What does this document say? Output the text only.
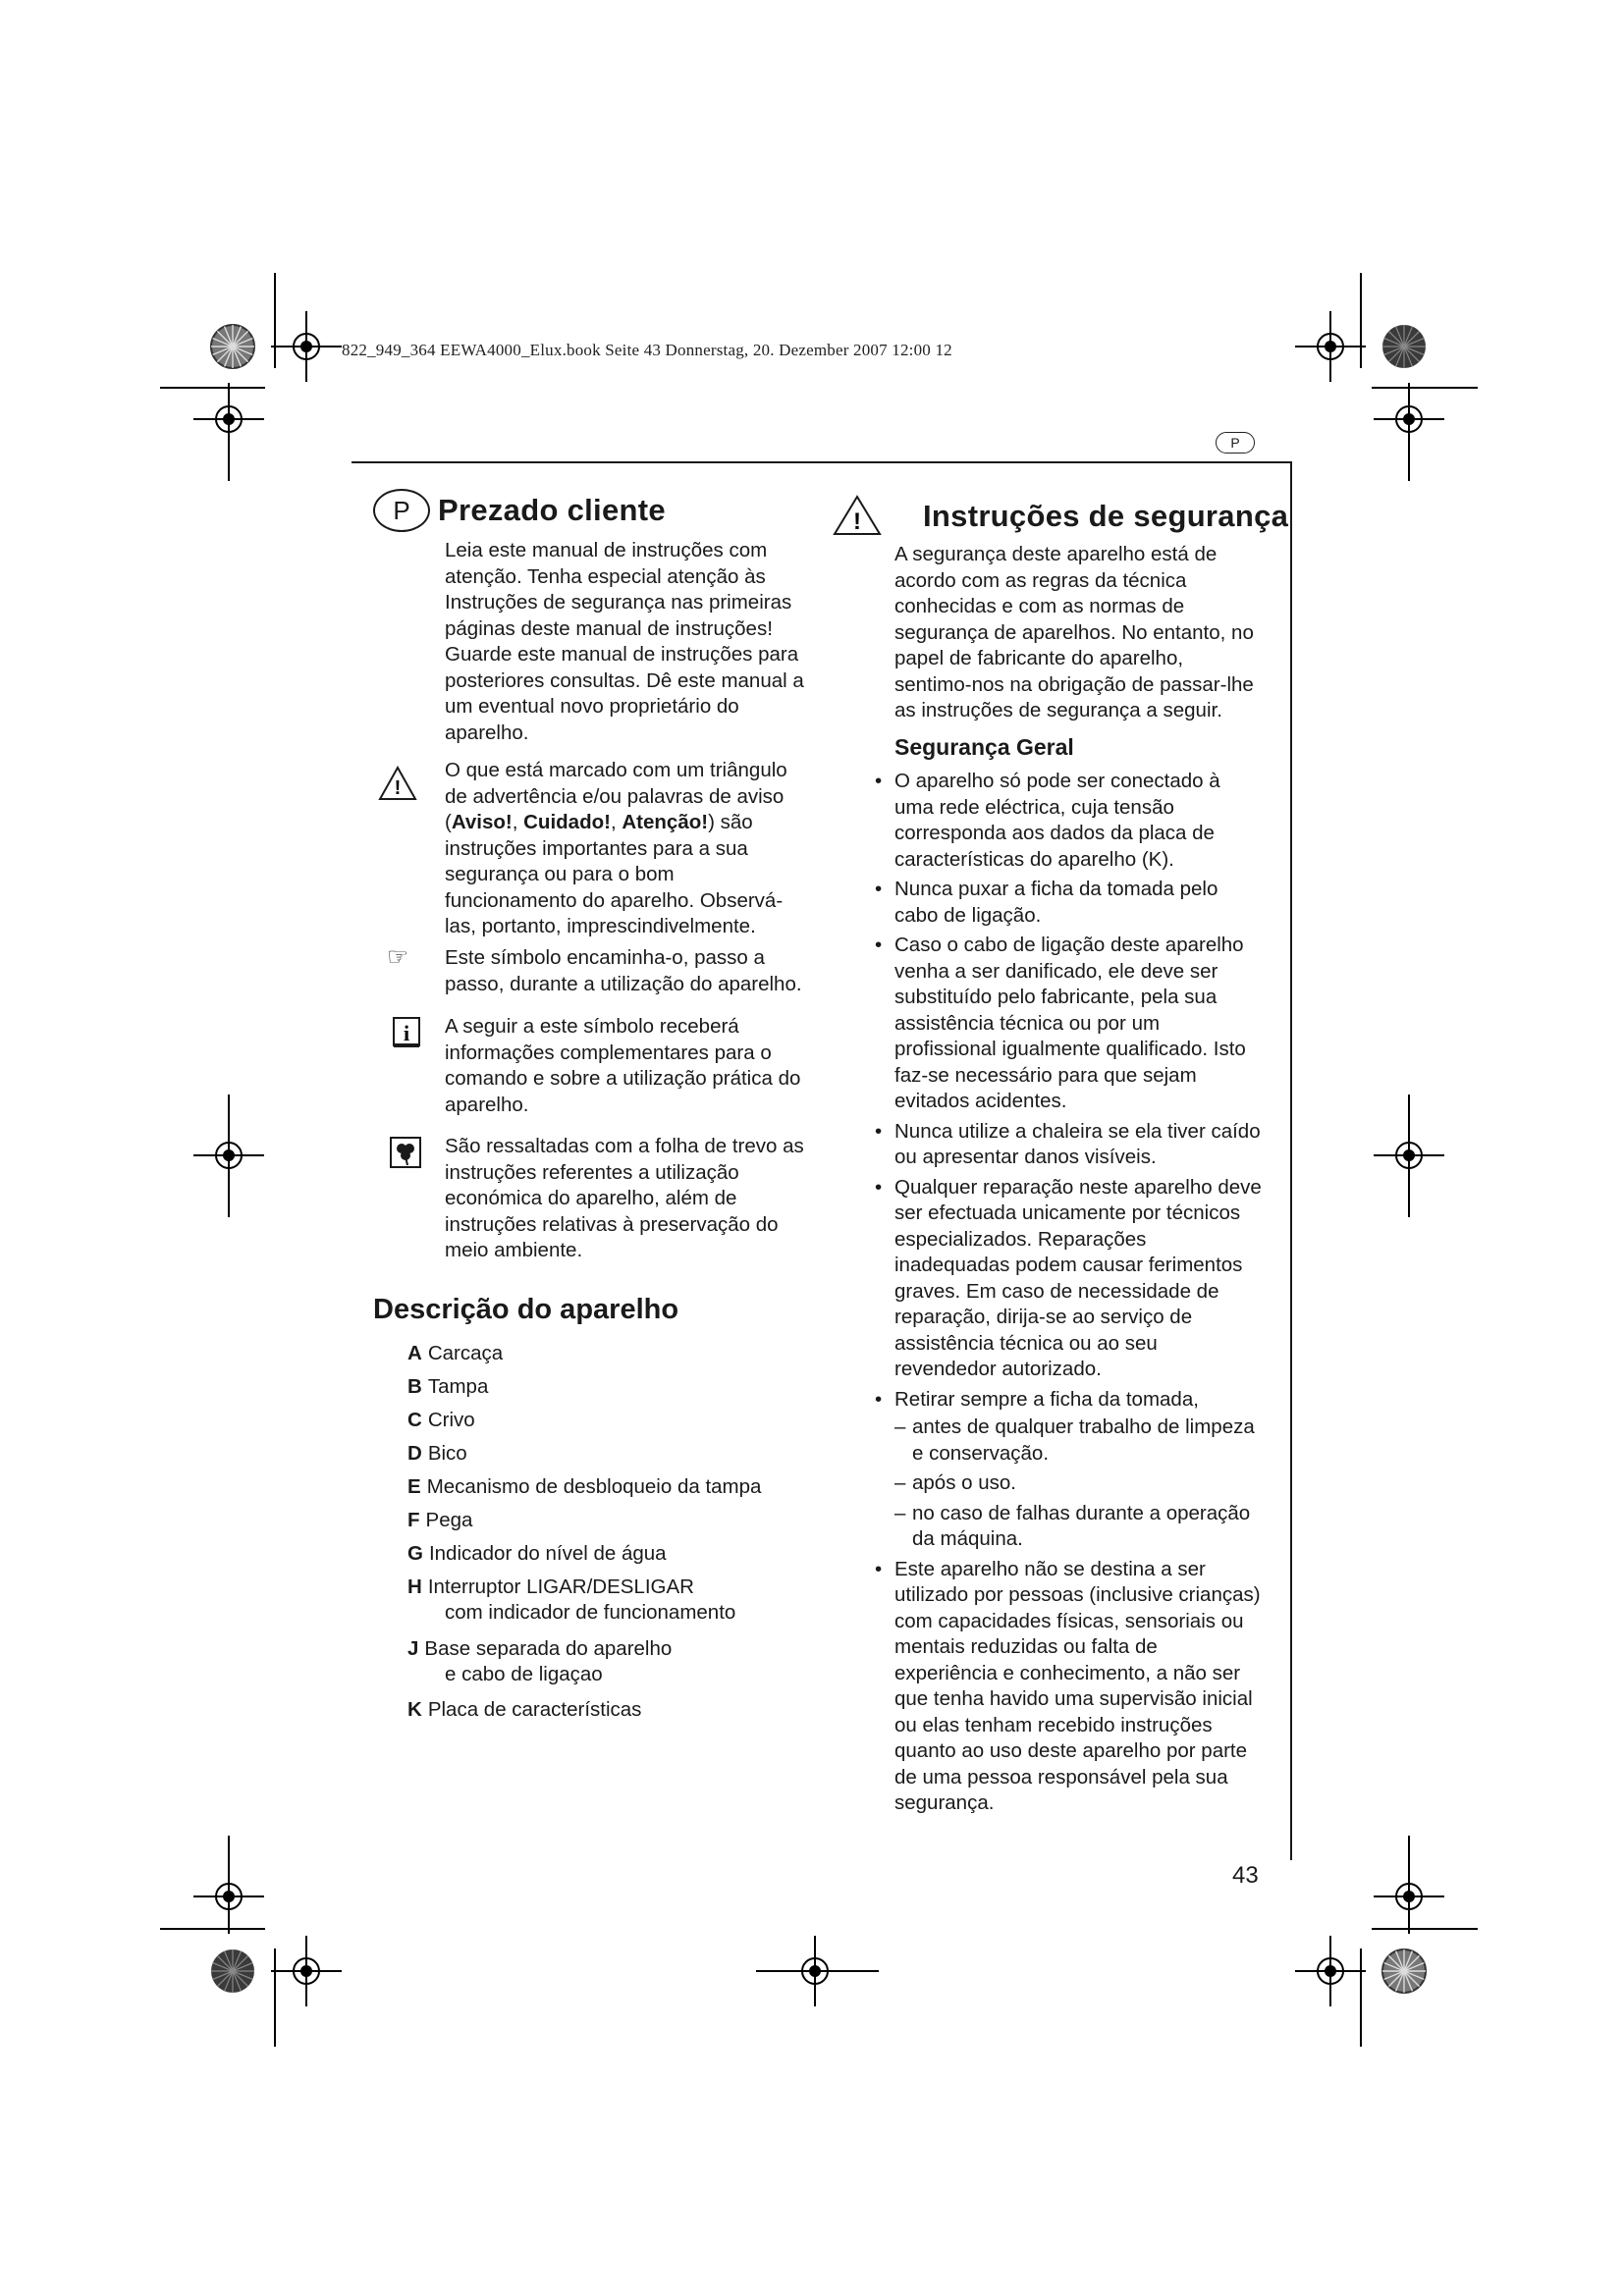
822_949_364 EEWA4000_Elux.book Seite 43 Donnerstag, 20. Dezember 2007 12:00 12
P
P Prezado cliente

Leia este manual de instruções com atenção. Tenha especial atenção às Instruções de segurança nas primeiras páginas deste manual de instruções! Guarde este manual de instruções para posteriores consultas. Dê este manual a um eventual novo proprietário do aparelho.

!

O que está marcado com um triângulo de advertência e/ou palavras de aviso (Aviso!, Cuidado!, Atenção!) são instruções importantes para a sua segurança ou para o bom funcionamento do aparelho. Observá-las, portanto, imprescindivelmente.

☞ Este símbolo encaminha-o, passo a passo, durante a utilização do aparelho.

i A seguir a este símbolo receberá informações complementares para o comando e sobre a utilização prática do aparelho.

São ressaltadas com a folha de trevo as instruções referentes a utilização económica do aparelho, além de instruções relativas à preservação do meio ambiente.

Descrição do aparelho
A Carcaça
B Tampa
C Crivo
D Bico
E Mecanismo de desbloqueio da tampa
F Pega
G Indicador do nível de água
H Interruptor LIGAR/DESLIGAR
com indicador de funcionamento
J Base separada do aparelho
e cabo de ligaçao
K Placa de características
! Instruções de segurança

A segurança deste aparelho está de acordo com as regras da técnica conhecidas e com as normas de segurança de aparelhos. No entanto, no papel de fabricante do aparelho, sentimo-nos na obrigação de passar-lhe as instruções de segurança a seguir.

Segurança Geral
• O aparelho só pode ser conectado à uma rede eléctrica, cuja tensão corresponda aos dados da placa de características do aparelho (K).
• Nunca puxar a ficha da tomada pelo cabo de ligação.
• Caso o cabo de ligação deste aparelho venha a ser danificado, ele deve ser substituído pelo fabricante, pela sua assistência técnica ou por um profissional igualmente qualificado. Isto faz-se necessário para que sejam evitados acidentes.
• Nunca utilize a chaleira se ela tiver caído ou apresentar danos visíveis.
• Qualquer reparação neste aparelho deve ser efectuada unicamente por técnicos especializados. Reparações inadequadas podem causar ferimentos graves. Em caso de necessidade de reparação, dirija-se ao serviço de assistência técnica ou ao seu revendedor autorizado.
• Retirar sempre a ficha da tomada,
– antes de qualquer trabalho de limpeza e conservação.
– após o uso.
– no caso de falhas durante a operação da máquina.
• Este aparelho não se destina a ser utilizado por pessoas (inclusive crianças) com capacidades físicas, sensoriais ou mentais reduzidas ou falta de experiência e conhecimento, a não ser que tenha havido uma supervisão inicial ou elas tenham recebido instruções quanto ao uso deste aparelho por parte de uma pessoa responsável pela sua segurança.
43
